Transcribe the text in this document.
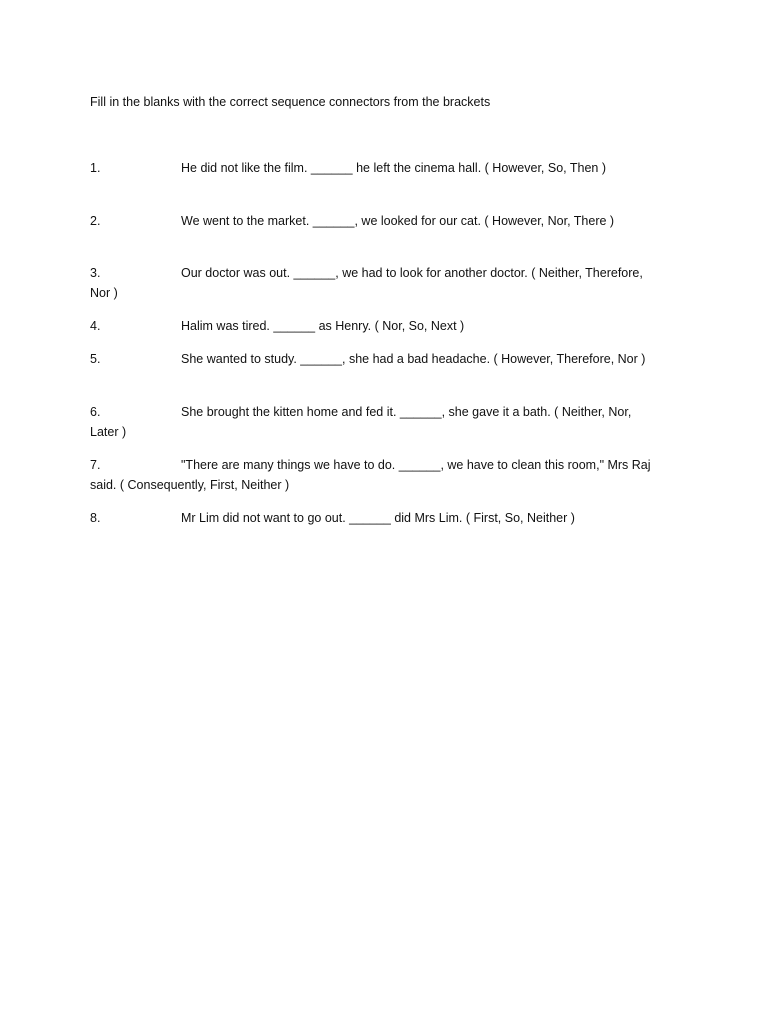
Fill in the blanks with the correct sequence connectors from the brackets
1.	He did not like the film. ______ he left the cinema hall. ( However, So, Then )
2.	We went to the market. ______, we looked for our cat. ( However, Nor, There )
3.	Our doctor was out. ______, we had to look for another doctor. ( Neither, Therefore,
Nor )
4.	Halim was tired. ______ as Henry. ( Nor, So, Next )
5.	She wanted to study. ______, she had a bad headache. ( However, Therefore, Nor )
6.	She brought the kitten home and fed it. ______, she gave it a bath. ( Neither, Nor,
Later )
7.	"There are many things we have to do. ______, we have to clean this room," Mrs Raj
said. ( Consequently, First, Neither )
8.	Mr Lim did not want to go out. ______ did Mrs Lim. ( First, So, Neither )
